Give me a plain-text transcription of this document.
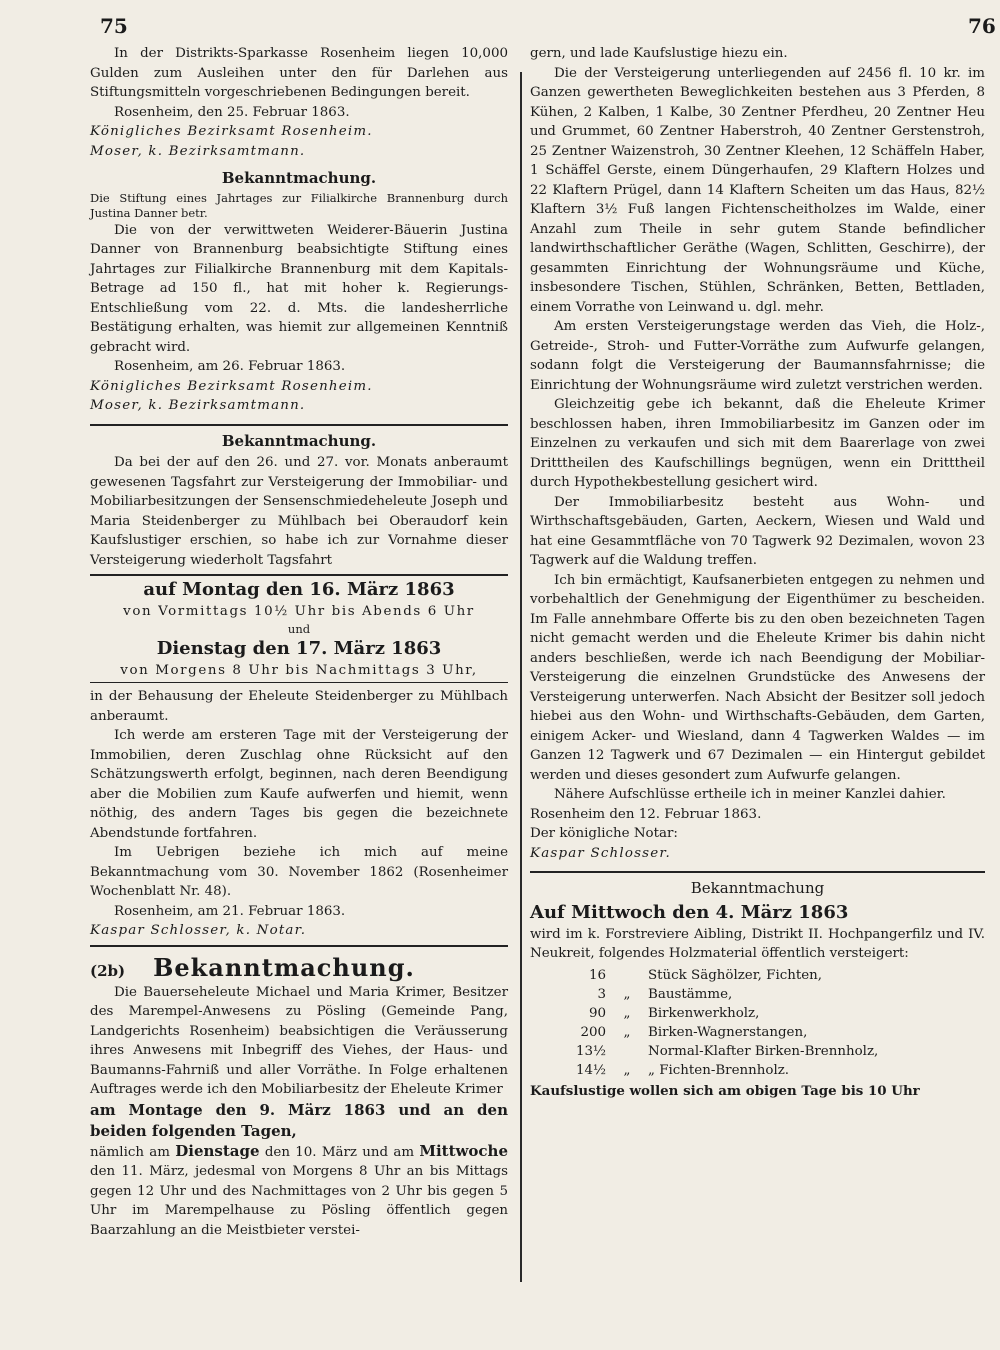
75	76

In der Distrikts-Sparkasse Rosenheim liegen 10,000 Gulden zum Ausleihen unter den für Darlehen aus Stiftungsmitteln vorgeschriebenen Bedingungen bereit.

Rosenheim, den 25. Februar 1863.

Königliches Bezirksamt Rosenheim.

Moser, k. Bezirksamtmann.

Bekanntmachung.

Die Stiftung eines Jahrtages zur Filialkirche Brannenburg durch Justina Danner betr.

Die von der verwittweten Weiderer-Bäuerin Justina Danner von Brannenburg beabsichtigte Stiftung eines Jahrtages zur Filialkirche Brannenburg mit dem Kapitals-Betrage ad 150 fl., hat mit hoher k. Regierungs-Entschließung vom 22. d. Mts. die landesherrliche Bestätigung erhalten, was hiemit zur allgemeinen Kenntniß gebracht wird.

Rosenheim, am 26. Februar 1863.

Königliches Bezirksamt Rosenheim.

Moser, k. Bezirksamtmann.

Bekanntmachung.

Da bei der auf den 26. und 27. vor. Monats anberaumt gewesenen Tagsfahrt zur Versteigerung der Immobiliar- und Mobiliarbesitzungen der Sensenschmiedeheleute Joseph und Maria Steidenberger zu Mühlbach bei Oberaudorf kein Kaufslustiger erschien, so habe ich zur Vornahme dieser Versteigerung wiederholt Tagsfahrt

auf Montag den 16. März 1863
von Vormittags 10½ Uhr bis Abends 6 Uhr
und
Dienstag den 17. März 1863
von Morgens 8 Uhr bis Nachmittags 3 Uhr,

in der Behausung der Eheleute Steidenberger zu Mühlbach anberaumt.

Ich werde am ersteren Tage mit der Versteigerung der Immobilien, deren Zuschlag ohne Rücksicht auf den Schätzungswerth erfolgt, beginnen, nach deren Beendigung aber die Mobilien zum Kaufe aufwerfen und hiemit, wenn nöthig, des andern Tages bis gegen die bezeichnete Abendstunde fortfahren.

Im Uebrigen beziehe ich mich auf meine Bekanntmachung vom 30. November 1862 (Rosenheimer Wochenblatt Nr. 48).

Rosenheim, am 21. Februar 1863.

Kaspar Schlosser, k. Notar.

(2b) Bekanntmachung.

Die Bauerseheleute Michael und Maria Krimer, Besitzer des Marempel-Anwesens zu Pösling (Gemeinde Pang, Landgerichts Rosenheim) beabsichtigen die Veräusserung ihres Anwesens mit Inbegriff des Viehes, der Haus- und Baumanns-Fahrniß und aller Vorräthe. In Folge erhaltenen Auftrages werde ich den Mobiliarbesitz der Eheleute Krimer

am Montage den 9. März 1863 und an den beiden folgenden Tagen,

nämlich am Dienstage den 10. März und am Mittwoche den 11. März, jedesmal von Morgens 8 Uhr an bis Mittags gegen 12 Uhr und des Nachmittages von 2 Uhr bis gegen 5 Uhr im Marempelhause zu Pösling öffentlich gegen Baarzahlung an die Meistbieter verstei-

gern, und lade Kaufslustige hiezu ein.

Die der Versteigerung unterliegenden auf 2456 fl. 10 kr. im Ganzen gewertheten Beweglichkeiten bestehen aus 3 Pferden, 8 Kühen, 2 Kalben, 1 Kalbe, 30 Zentner Pferdheu, 20 Zentner Heu und Grummet, 60 Zentner Haberstroh, 40 Zentner Gerstenstroh, 25 Zentner Waizenstroh, 30 Zentner Kleehen, 12 Schäffeln Haber, 1 Schäffel Gerste, einem Düngerhaufen, 29 Klaftern Holzes und 22 Klaftern Prügel, dann 14 Klaftern Scheiten um das Haus, 82½ Klaftern 3½ Fuß langen Fichtenscheitholzes im Walde, einer Anzahl zum Theile in sehr gutem Stande befindlicher landwirthschaftlicher Geräthe (Wagen, Schlitten, Geschirre), der gesammten Einrichtung der Wohnungsräume und Küche, insbesondere Tischen, Stühlen, Schränken, Betten, Bettladen, einem Vorrathe von Leinwand u. dgl. mehr.

Am ersten Versteigerungstage werden das Vieh, die Holz-, Getreide-, Stroh- und Futter-Vorräthe zum Aufwurfe gelangen, sodann folgt die Versteigerung der Baumannsfahrnisse; die Einrichtung der Wohnungsräume wird zuletzt verstrichen werden.

Gleichzeitig gebe ich bekannt, daß die Eheleute Krimer beschlossen haben, ihren Immobiliarbesitz im Ganzen oder im Einzelnen zu verkaufen und sich mit dem Baarerlage von zwei Dritttheilen des Kaufschillings begnügen, wenn ein Dritttheil durch Hypothekbestellung gesichert wird.

Der Immobiliarbesitz besteht aus Wohn- und Wirthschaftsgebäuden, Garten, Aeckern, Wiesen und Wald und hat eine Gesammtfläche von 70 Tagwerk 92 Dezimalen, wovon 23 Tagwerk auf die Waldung treffen.

Ich bin ermächtigt, Kaufsanerbieten entgegen zu nehmen und vorbehaltlich der Genehmigung der Eigenthümer zu bescheiden. Im Falle annehmbare Offerte bis zu den oben bezeichneten Tagen nicht gemacht werden und die Eheleute Krimer bis dahin nicht anders beschließen, werde ich nach Beendigung der Mobiliar-Versteigerung die einzelnen Grundstücke des Anwesens der Versteigerung unterwerfen. Nach Absicht der Besitzer soll jedoch hiebei aus den Wohn- und Wirthschafts-Gebäuden, dem Garten, einigem Acker- und Wiesland, dann 4 Tagwerken Waldes — im Ganzen 12 Tagwerk und 67 Dezimalen — ein Hintergut gebildet werden und dieses gesondert zum Aufwurfe gelangen.

Nähere Aufschlüsse ertheile ich in meiner Kanzlei dahier.

Rosenheim den 12. Februar 1863.

Der königliche Notar:

Kaspar Schlosser.

Bekanntmachung
Auf Mittwoch den 4. März 1863

wird im k. Forstreviere Aibling, Distrikt II. Hochpangerfilz und IV. Neukreit, folgendes Holzmaterial öffentlich versteigert:

16		Stück Säghölzer, Fichten,
3	„	Baustämme,
90	„	Birkenwerkholz,
200	„	Birken-Wagnerstangen,
13½		Normal-Klafter Birken-Brennholz,
14½	„	„ Fichten-Brennholz.

Kaufslustige wollen sich am obigen Tage bis 10 Uhr
